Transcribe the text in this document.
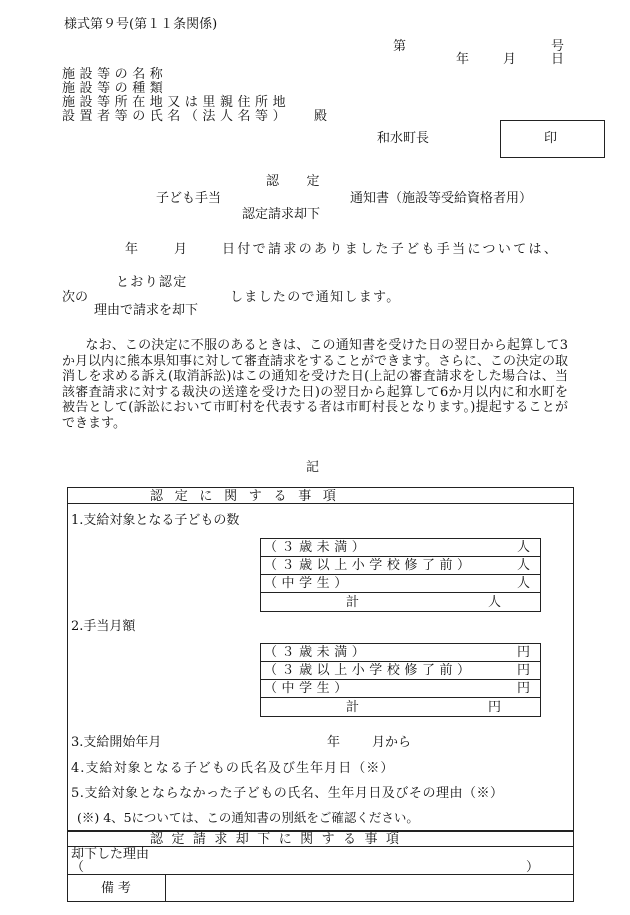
様式第９号(第１１条関係)
第	号
年	月	日
施設等の名称
施設等の種類
施設等所在地又は里親住所地
設置者等の氏名（法人名等） 殿
和水町長	印
認 定
子ども手当	通知書（施設等受給資格者用）
認定請求却下
年	月	日付で請求のありました子ども手当については、
とおり認定
次の	しましたので通知します。
理由で請求を却下
なお、この決定に不服のあるときは、この通知書を受けた日の翌日から起算して3か月以内に熊本県知事に対して審査請求をすることができます。さらに、この決定の取消しを求める訴え(取消訴訟)はこの通知を受けた日(上記の審査請求をした場合は、当該審査請求に対する裁決の送達を受けた日)の翌日から起算して6か月以内に和水町を被告として(訴訟において市町村を代表する者は市町村長となります。)提起することができます。
記
認定に関する事項
1.支給対象となる子どもの数
（３歳未満）	人
（３歳以上小学校修了前）	人
（中学生）	人
計	人
2.手当月額
（３歳未満）	円
（３歳以上小学校修了前）	円
（中学生）	円
計	円
3.支給開始年月	年 月から
4.支給対象となる子どもの氏名及び生年月日（※）
5.支給対象とならなかった子どもの氏名、生年月日及びその理由（※）
(※) 4、5については、この通知書の別紙をご確認ください。
認定請求却下に関する事項
却下した理由
（	）
備考
